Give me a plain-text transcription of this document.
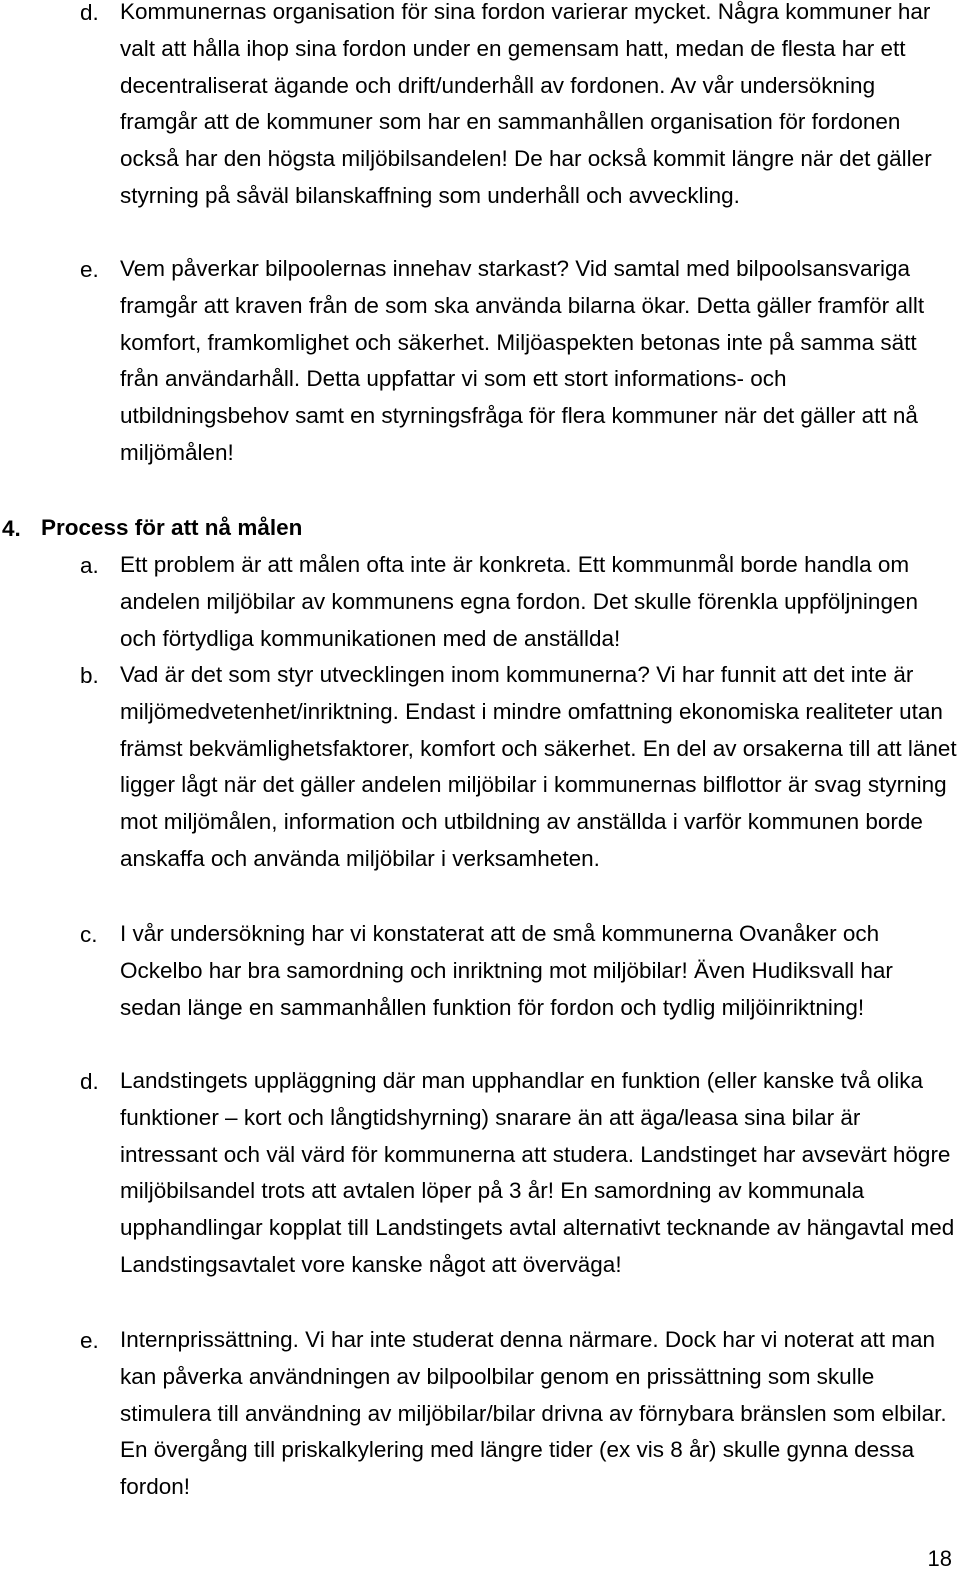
d. Kommunernas organisation för sina fordon varierar mycket. Några kommuner har valt att hålla ihop sina fordon under en gemensam hatt, medan de flesta har ett decentraliserat ägande och drift/underhåll av fordonen. Av vår undersökning framgår att de kommuner som har en sammanhållen organisation för fordonen också har den högsta miljöbilsandelen! De har också kommit längre när det gäller styrning på såväl bilanskaffning som underhåll och avveckling.
e. Vem påverkar bilpoolernas innehav starkast? Vid samtal med bilpoolsansvariga framgår att kraven från de som ska använda bilarna ökar. Detta gäller framför allt komfort, framkomlighet och säkerhet. Miljöaspekten betonas inte på samma sätt från användarhåll. Detta uppfattar vi som ett stort informations- och utbildningsbehov samt en styrningsfråga för flera kommuner när det gäller att nå miljömålen!
4. Process för att nå målen
a. Ett problem är att målen ofta inte är konkreta. Ett kommunmål borde handla om andelen miljöbilar av kommunens egna fordon. Det skulle förenkla uppföljningen och förtydliga kommunikationen med de anställda!
b. Vad är det som styr utvecklingen inom kommunerna? Vi har funnit att det inte är miljömedvetenhet/inriktning. Endast i mindre omfattning ekonomiska realiteter utan främst bekvämlighetsfaktorer, komfort och säkerhet. En del av orsakerna till att länet ligger lågt när det gäller andelen miljöbilar i kommunernas bilflottor är svag styrning mot miljömålen, information och utbildning av anställda i varför kommunen borde anskaffa och använda miljöbilar i verksamheten.
c. I vår undersökning har vi konstaterat att de små kommunerna Ovanåker och Ockelbo har bra samordning och inriktning mot miljöbilar! Även Hudiksvall har sedan länge en sammanhållen funktion för fordon och tydlig miljöinriktning!
d. Landstingets uppläggning där man upphandlar en funktion (eller kanske två olika funktioner – kort och långtidshyrning) snarare än att äga/leasa sina bilar är intressant och väl värd för kommunerna att studera. Landstinget har avsevärt högre miljöbilsandel trots att avtalen löper på 3 år! En samordning av kommunala upphandlingar kopplat till Landstingets avtal alternativt tecknande av hängavtal med Landstingsavtalet vore kanske något att överväga!
e. Internprissättning. Vi har inte studerat denna närmare. Dock har vi noterat att man kan påverka användningen av bilpoolbilar genom en prissättning som skulle stimulera till användning av miljöbilar/bilar drivna av förnybara bränslen som elbilar. En övergång till priskalkylering med längre tider (ex vis 8 år) skulle gynna dessa fordon!
18
